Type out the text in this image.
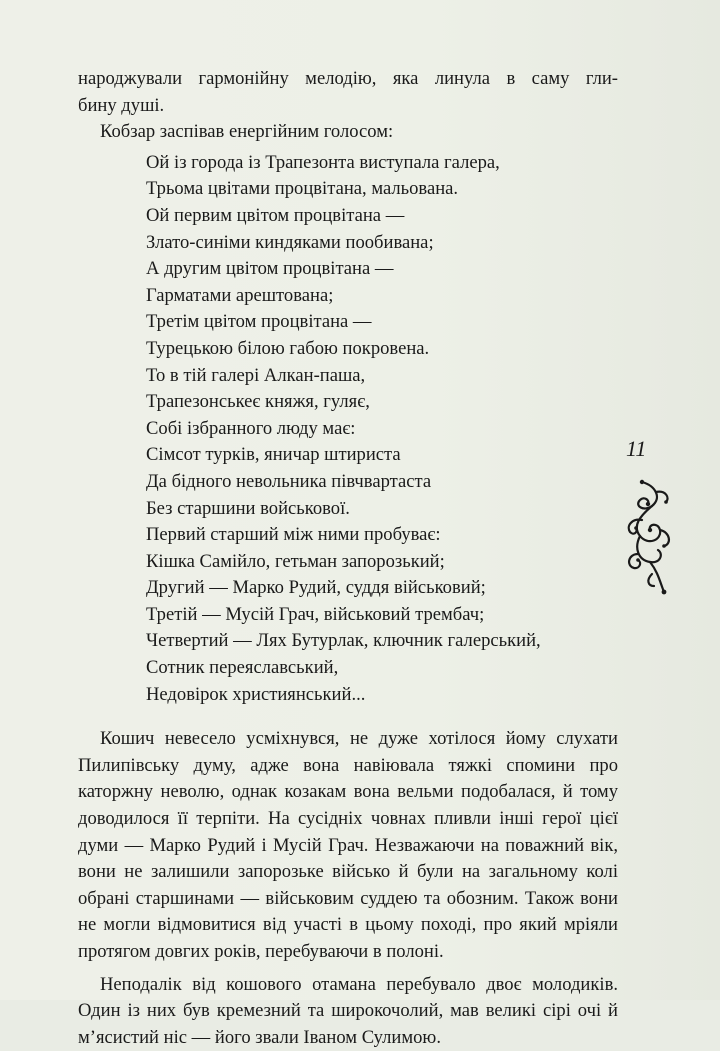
народжували гармонійну мелодію, яка линула в саму гли-

бину душі.

Кобзар заспівав енергійним голосом:

Ой із города із Трапезонта виступала галера,
Трьома цвітами процвітана, мальована.
Ой первим цвітом процвітана —
Злато-синіми киндяками пообивана;
А другим цвітом процвітана —
Гарматами арештована;
Третім цвітом процвітана —
Турецькою білою габою покровена.
То в тій галері Алкан-паша,
Трапезонськеє княжя, гуляє,
Собі ізбранного люду має:
Сімсот турків, яничар штириста
Да бідного невольника півчвартаста
Без старшини войськової.
Первий старший між ними пробуває:
Кішка Самійло, гетьман запорозький;
Другий — Марко Рудий, суддя військовий;
Третій — Мусій Грач, військовий трембач;
Четвертий — Лях Бутурлак, ключник галерський,
Сотник переяславський,
Недовірок християнський...

Кошич невесело усміхнувся, не дуже хотілося йому слухати Пилипівську думу, адже вона навіювала тяжкі спомини про каторжну неволю, однак козакам вона вельми подобалася, й тому доводилося її терпіти. На сусідніх човнах пливли інші герої цієї думи — Марко Рудий і Мусій Грач. Незважаючи на поважний вік, вони не залишили запорозьке військо й були на загальному колі обрані старшинами — військовим суддею та обозним. Також вони не могли відмовитися від участі в цьому поході, про який мріяли протягом довгих років, перебуваючи в полоні.

Неподалік від кошового отамана перебувало двоє молодиків. Один із них був кремезний та широкочолий, мав великі сірі очі й м’ясистий ніс — його звали Іваном Сулимою.

11
